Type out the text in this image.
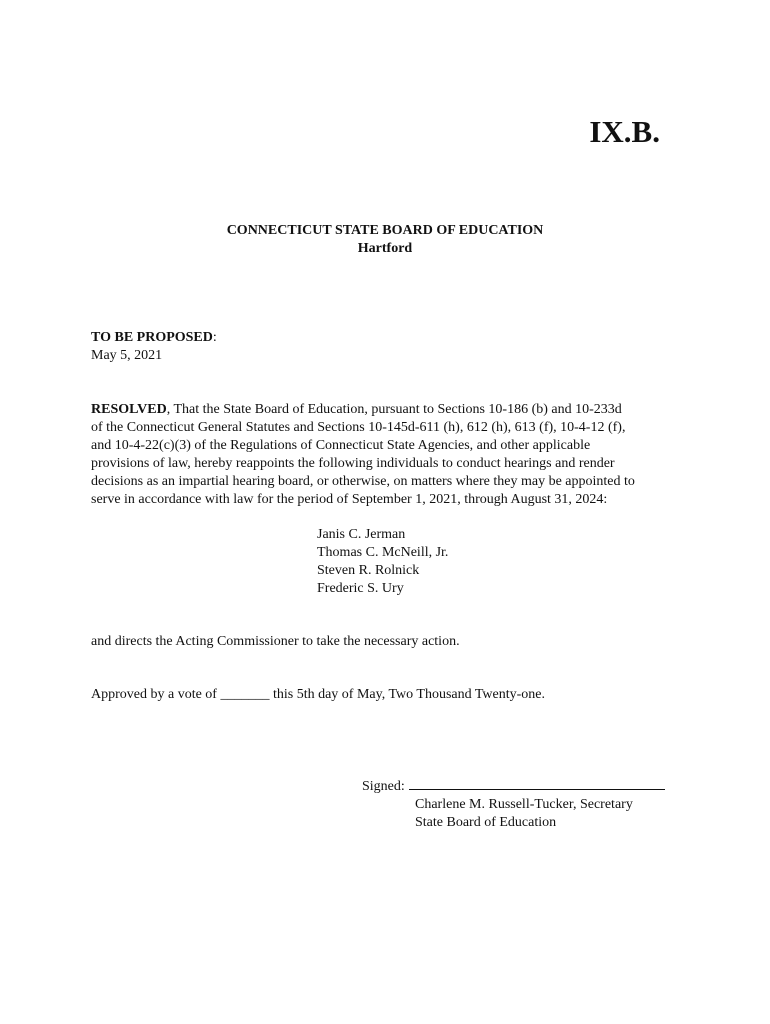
IX.B.
CONNECTICUT STATE BOARD OF EDUCATION
Hartford
TO BE PROPOSED:
May 5, 2021
RESOLVED, That the State Board of Education, pursuant to Sections 10-186 (b) and 10-233d
of the Connecticut General Statutes and Sections 10-145d-611 (h), 612 (h), 613 (f), 10-4-12 (f),
and 10-4-22(c)(3) of the Regulations of Connecticut State Agencies, and other applicable
provisions of law, hereby reappoints the following individuals to conduct hearings and render
decisions as an impartial hearing board, or otherwise, on matters where they may be appointed to
serve in accordance with law for the period of September 1, 2021, through August 31, 2024:
Janis C. Jerman
Thomas C. McNeill, Jr.
Steven R. Rolnick
Frederic S. Ury
and directs the Acting Commissioner to take the necessary action.
Approved by a vote of _______ this 5th day of May, Two Thousand Twenty-one.
Signed:
Charlene M. Russell-Tucker, Secretary
State Board of Education
